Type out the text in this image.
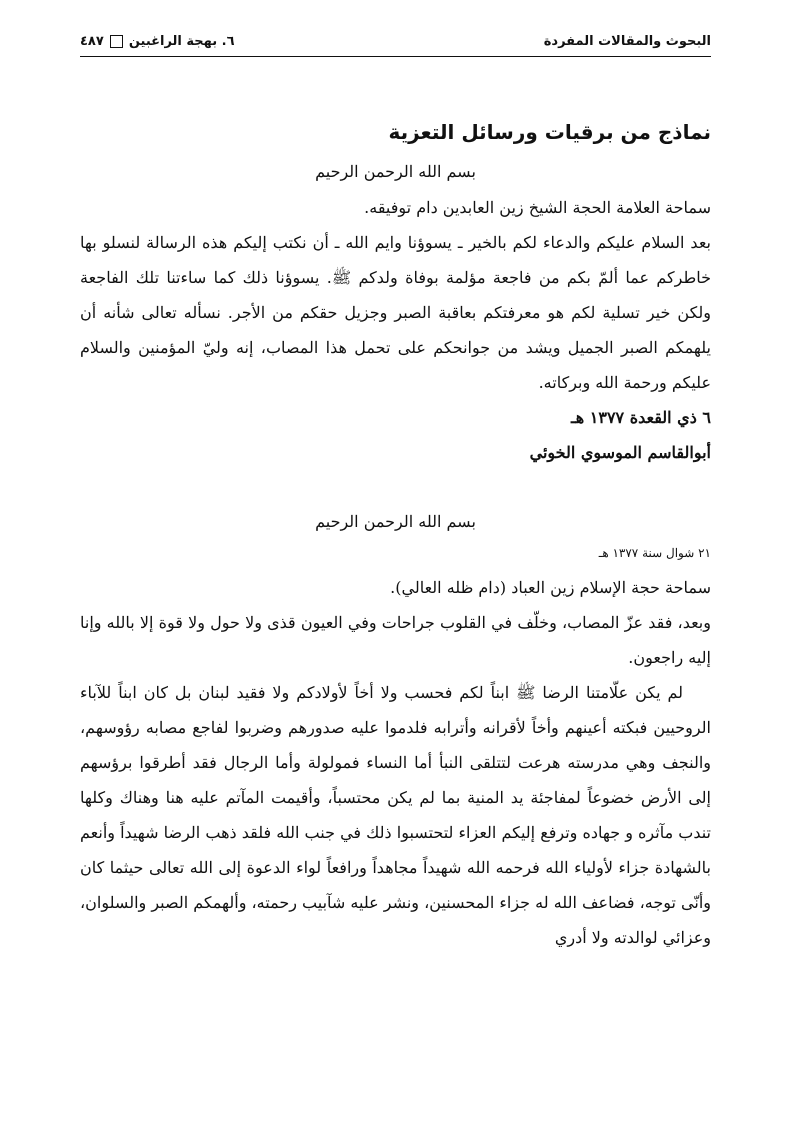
البحوث والمقالات المفردة
٦. بهجة الراغبين
٤٨٧

نماذج من برقيات ورسائل التعزية

بسم الله الرحمن الرحيم

سماحة العلامة الحجة الشيخ زين العابدين دام توفيقه.

بعد السلام عليكم والدعاء لكم بالخير ـ يسوؤنا وايم الله ـ أن نكتب إليكم هذه الرسالة لنسلو بها خاطركم عما ألمّ بكم من فاجعة مؤلمة بوفاة ولدكم ﷺ. يسوؤنا ذلك كما ساءتنا تلك الفاجعة ولكن خير تسلية لكم هو معرفتكم بعاقبة الصبر وجزيل حقكم من الأجر. نسأله تعالى شأنه أن يلهمكم الصبر الجميل ويشد من جوانحكم على تحمل هذا المصاب، إنه وليّ المؤمنين والسلام عليكم ورحمة الله وبركاته.

٦ ذي القعدة ١٣٧٧ هـ

أبوالقاسم الموسوي الخوئي

بسم الله الرحمن الرحيم

٢١ شوال سنة ١٣٧٧ هـ

سماحة حجة الإسلام زين العباد (دام ظله العالي).

وبعد، فقد عزّ المصاب، وخلّف في القلوب جراحات وفي العيون قذى ولا حول ولا قوة إلا بالله وإنا إليه راجعون.

لم يكن علّامتنا الرضا ﷺ ابناً لكم فحسب ولا أخاً لأولادكم ولا فقيد لبنان بل كان ابناً للآباء الروحيين فبكته أعينهم وأخاً لأقرانه وأترابه فلدموا عليه صدورهم وضربوا لفاجع مصابه رؤوسهم، والنجف وهي مدرسته هرعت لتتلقى النبأ أما النساء فمولولة وأما الرجال فقد أطرقوا برؤسهم إلى الأرض خضوعاً لمفاجئة يد المنية بما لم يكن محتسباً، وأقيمت المآتم عليه هنا وهناك وكلها تندب مآثره و جهاده وترفع إليكم العزاء لتحتسبوا ذلك في جنب الله فلقد ذهب الرضا شهيداً وأنعم بالشهادة جزاء لأولياء الله فرحمه الله شهيداً مجاهداً ورافعاً لواء الدعوة إلى الله تعالى حيثما كان وأنّى توجه، فضاعف الله له جزاء المحسنين، ونشر عليه شآبيب رحمته، وألهمكم الصبر والسلوان، وعزائي لوالدته ولا أدري
